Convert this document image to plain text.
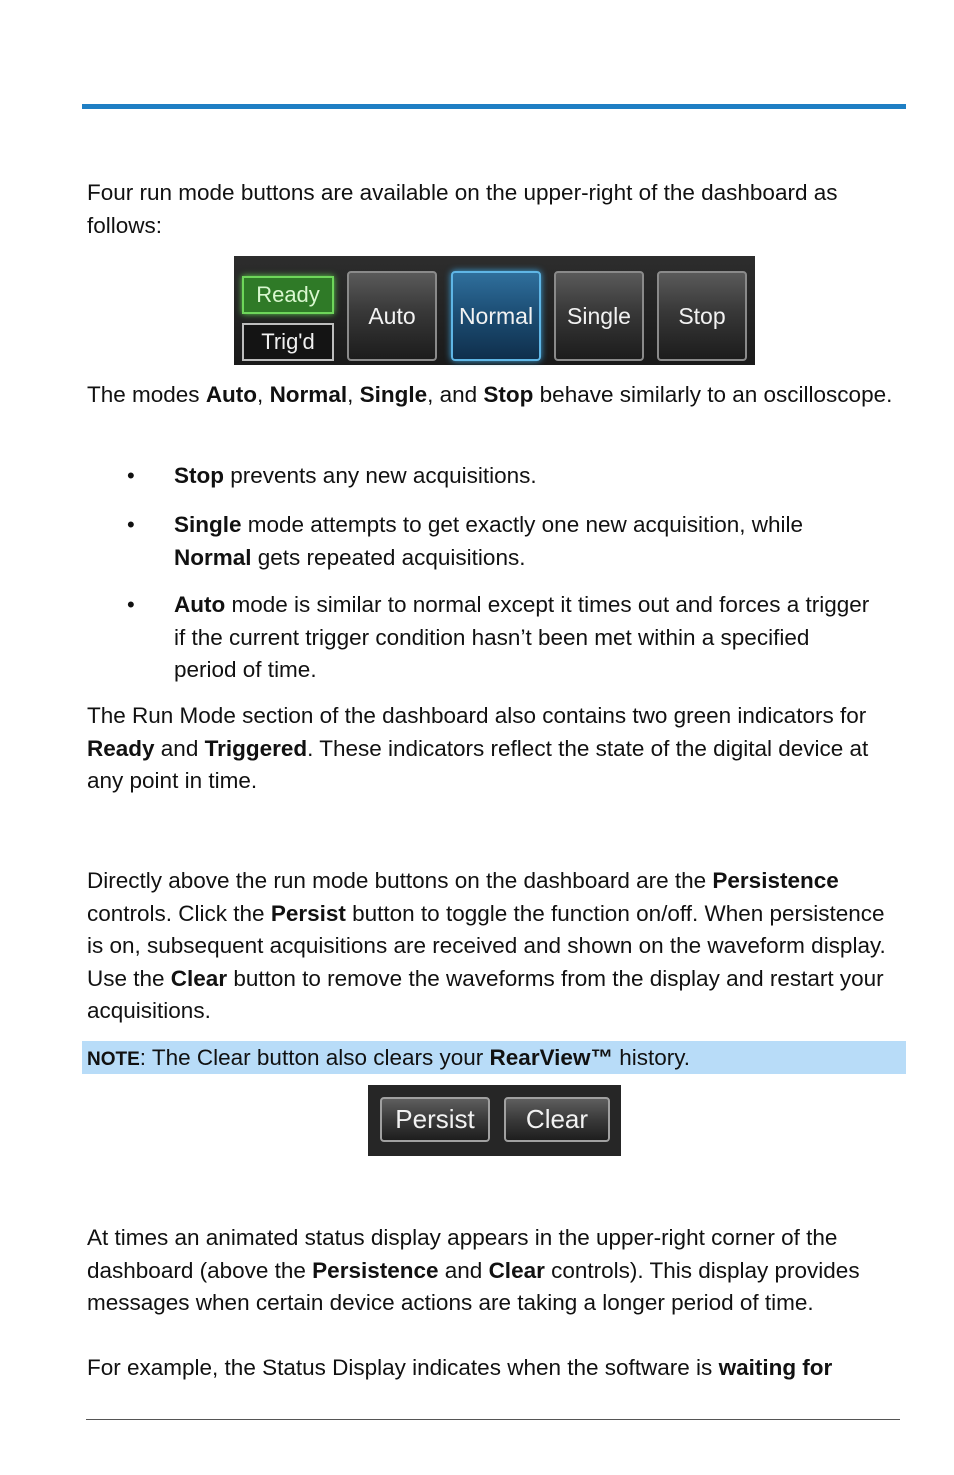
Four run mode buttons are available on the upper-right of the dashboard as follows:

Ready
Trig'd
Auto	Normal	Single	Stop

The modes Auto, Normal, Single, and Stop behave similarly to an oscilloscope.

• Stop prevents any new acquisitions.

• Single mode attempts to get exactly one new acquisition, while Normal gets repeated acquisitions.

• Auto mode is similar to normal except it times out and forces a trigger if the current trigger condition hasn’t been met within a specified period of time.

The Run Mode section of the dashboard also contains two green indicators for Ready and Triggered. These indicators reflect the state of the digital device at any point in time.

Directly above the run mode buttons on the dashboard are the Persistence controls. Click the Persist button to toggle the function on/off. When persistence is on, subsequent acquisitions are received and shown on the waveform display. Use the Clear button to remove the waveforms from the display and restart your acquisitions.

NOTE: The Clear button also clears your RearView™ history.

Persist	Clear

At times an animated status display appears in the upper-right corner of the dashboard (above the Persistence and Clear controls). This display provides messages when certain device actions are taking a longer period of time.

For example, the Status Display indicates when the software is waiting for
